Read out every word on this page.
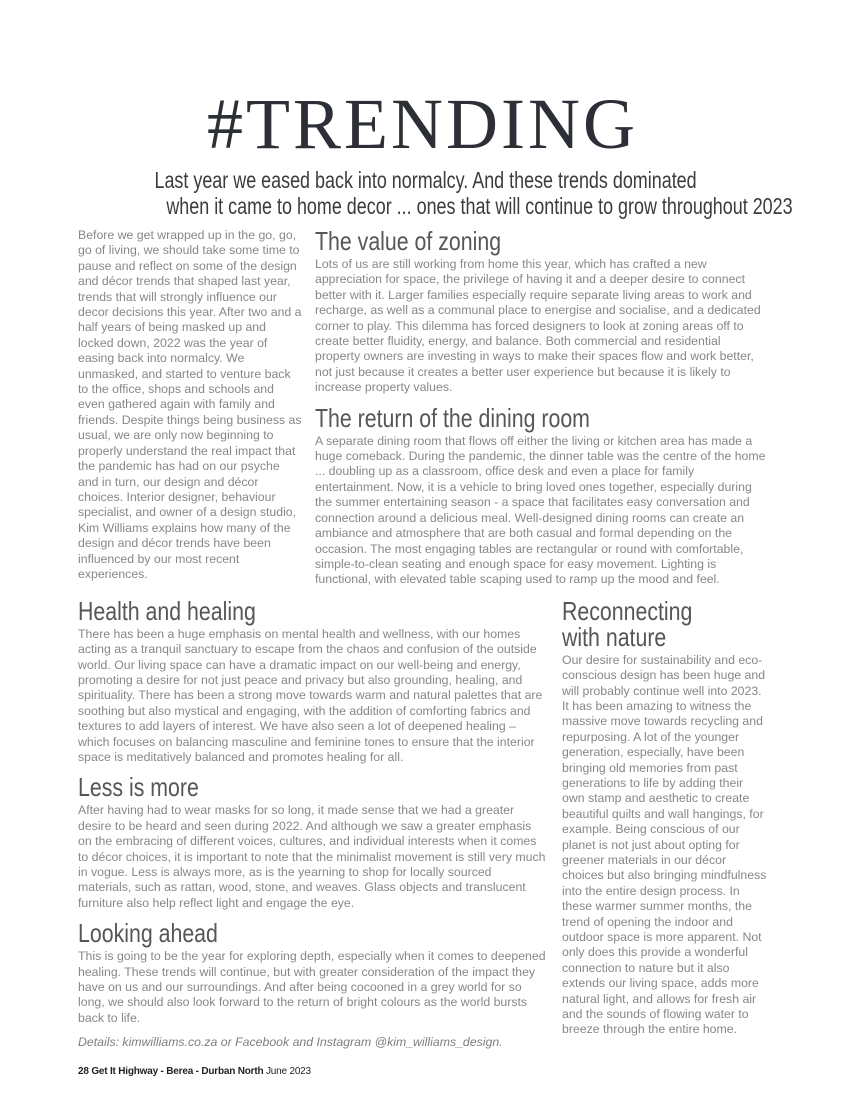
#TRENDING
Last year we eased back into normalcy. And these trends dominated
when it came to home decor ... ones that will continue to grow throughout 2023

Before we get wrapped up in the go, go, go of living, we should take some time to pause and reflect on some of the design and décor trends that shaped last year, trends that will strongly influence our decor decisions this year. After two and a half years of being masked up and locked down, 2022 was the year of easing back into normalcy. We unmasked, and started to venture back to the office, shops and schools and even gathered again with family and friends. Despite things being business as usual, we are only now beginning to properly understand the real impact that the pandemic has had on our psyche and in turn, our design and décor choices. Interior designer, behaviour specialist, and owner of a design studio, Kim Williams explains how many of the design and décor trends have been influenced by our most recent experiences.

The value of zoning

Lots of us are still working from home this year, which has crafted a new appreciation for space, the privilege of having it and a deeper desire to connect better with it. Larger families especially require separate living areas to work and recharge, as well as a communal place to energise and socialise, and a dedicated corner to play. This dilemma has forced designers to look at zoning areas off to create better fluidity, energy, and balance. Both commercial and residential property owners are investing in ways to make their spaces flow and work better, not just because it creates a better user experience but because it is likely to increase property values.

The return of the dining room

A separate dining room that flows off either the living or kitchen area has made a huge comeback. During the pandemic, the dinner table was the centre of the home ... doubling up as a classroom, office desk and even a place for family entertainment. Now, it is a vehicle to bring loved ones together, especially during the summer entertaining season - a space that facilitates easy conversation and connection around a delicious meal. Well-designed dining rooms can create an ambiance and atmosphere that are both casual and formal depending on the occasion. The most engaging tables are rectangular or round with comfortable, simple-to-clean seating and enough space for easy movement. Lighting is functional, with elevated table scaping used to ramp up the mood and feel.

Health and healing

There has been a huge emphasis on mental health and wellness, with our homes acting as a tranquil sanctuary to escape from the chaos and confusion of the outside world. Our living space can have a dramatic impact on our well-being and energy, promoting a desire for not just peace and privacy but also grounding, healing, and spirituality. There has been a strong move towards warm and natural palettes that are soothing but also mystical and engaging, with the addition of comforting fabrics and textures to add layers of interest. We have also seen a lot of deepened healing – which focuses on balancing masculine and feminine tones to ensure that the interior space is meditatively balanced and promotes healing for all.

Less is more

After having had to wear masks for so long, it made sense that we had a greater desire to be heard and seen during 2022. And although we saw a greater emphasis on the embracing of different voices, cultures, and individual interests when it comes to décor choices, it is important to note that the minimalist movement is still very much in vogue. Less is always more, as is the yearning to shop for locally sourced materials, such as rattan, wood, stone, and weaves. Glass objects and translucent furniture also help reflect light and engage the eye.

Looking ahead

This is going to be the year for exploring depth, especially when it comes to deepened healing. These trends will continue, but with greater consideration of the impact they have on us and our surroundings. And after being cocooned in a grey world for so long, we should also look forward to the return of bright colours as the world bursts back to life.

Details: kimwilliams.co.za or Facebook and Instagram @kim_williams_design.

Reconnecting with nature

Our desire for sustainability and eco-conscious design has been huge and will probably continue well into 2023. It has been amazing to witness the massive move towards recycling and repurposing. A lot of the younger generation, especially, have been bringing old memories from past generations to life by adding their own stamp and aesthetic to create beautiful quilts and wall hangings, for example. Being conscious of our planet is not just about opting for greener materials in our décor choices but also bringing mindfulness into the entire design process. In these warmer summer months, the trend of opening the indoor and outdoor space is more apparent. Not only does this provide a wonderful connection to nature but it also extends our living space, adds more natural light, and allows for fresh air and the sounds of flowing water to breeze through the entire home.

28 Get It Highway - Berea - Durban North June 2023
